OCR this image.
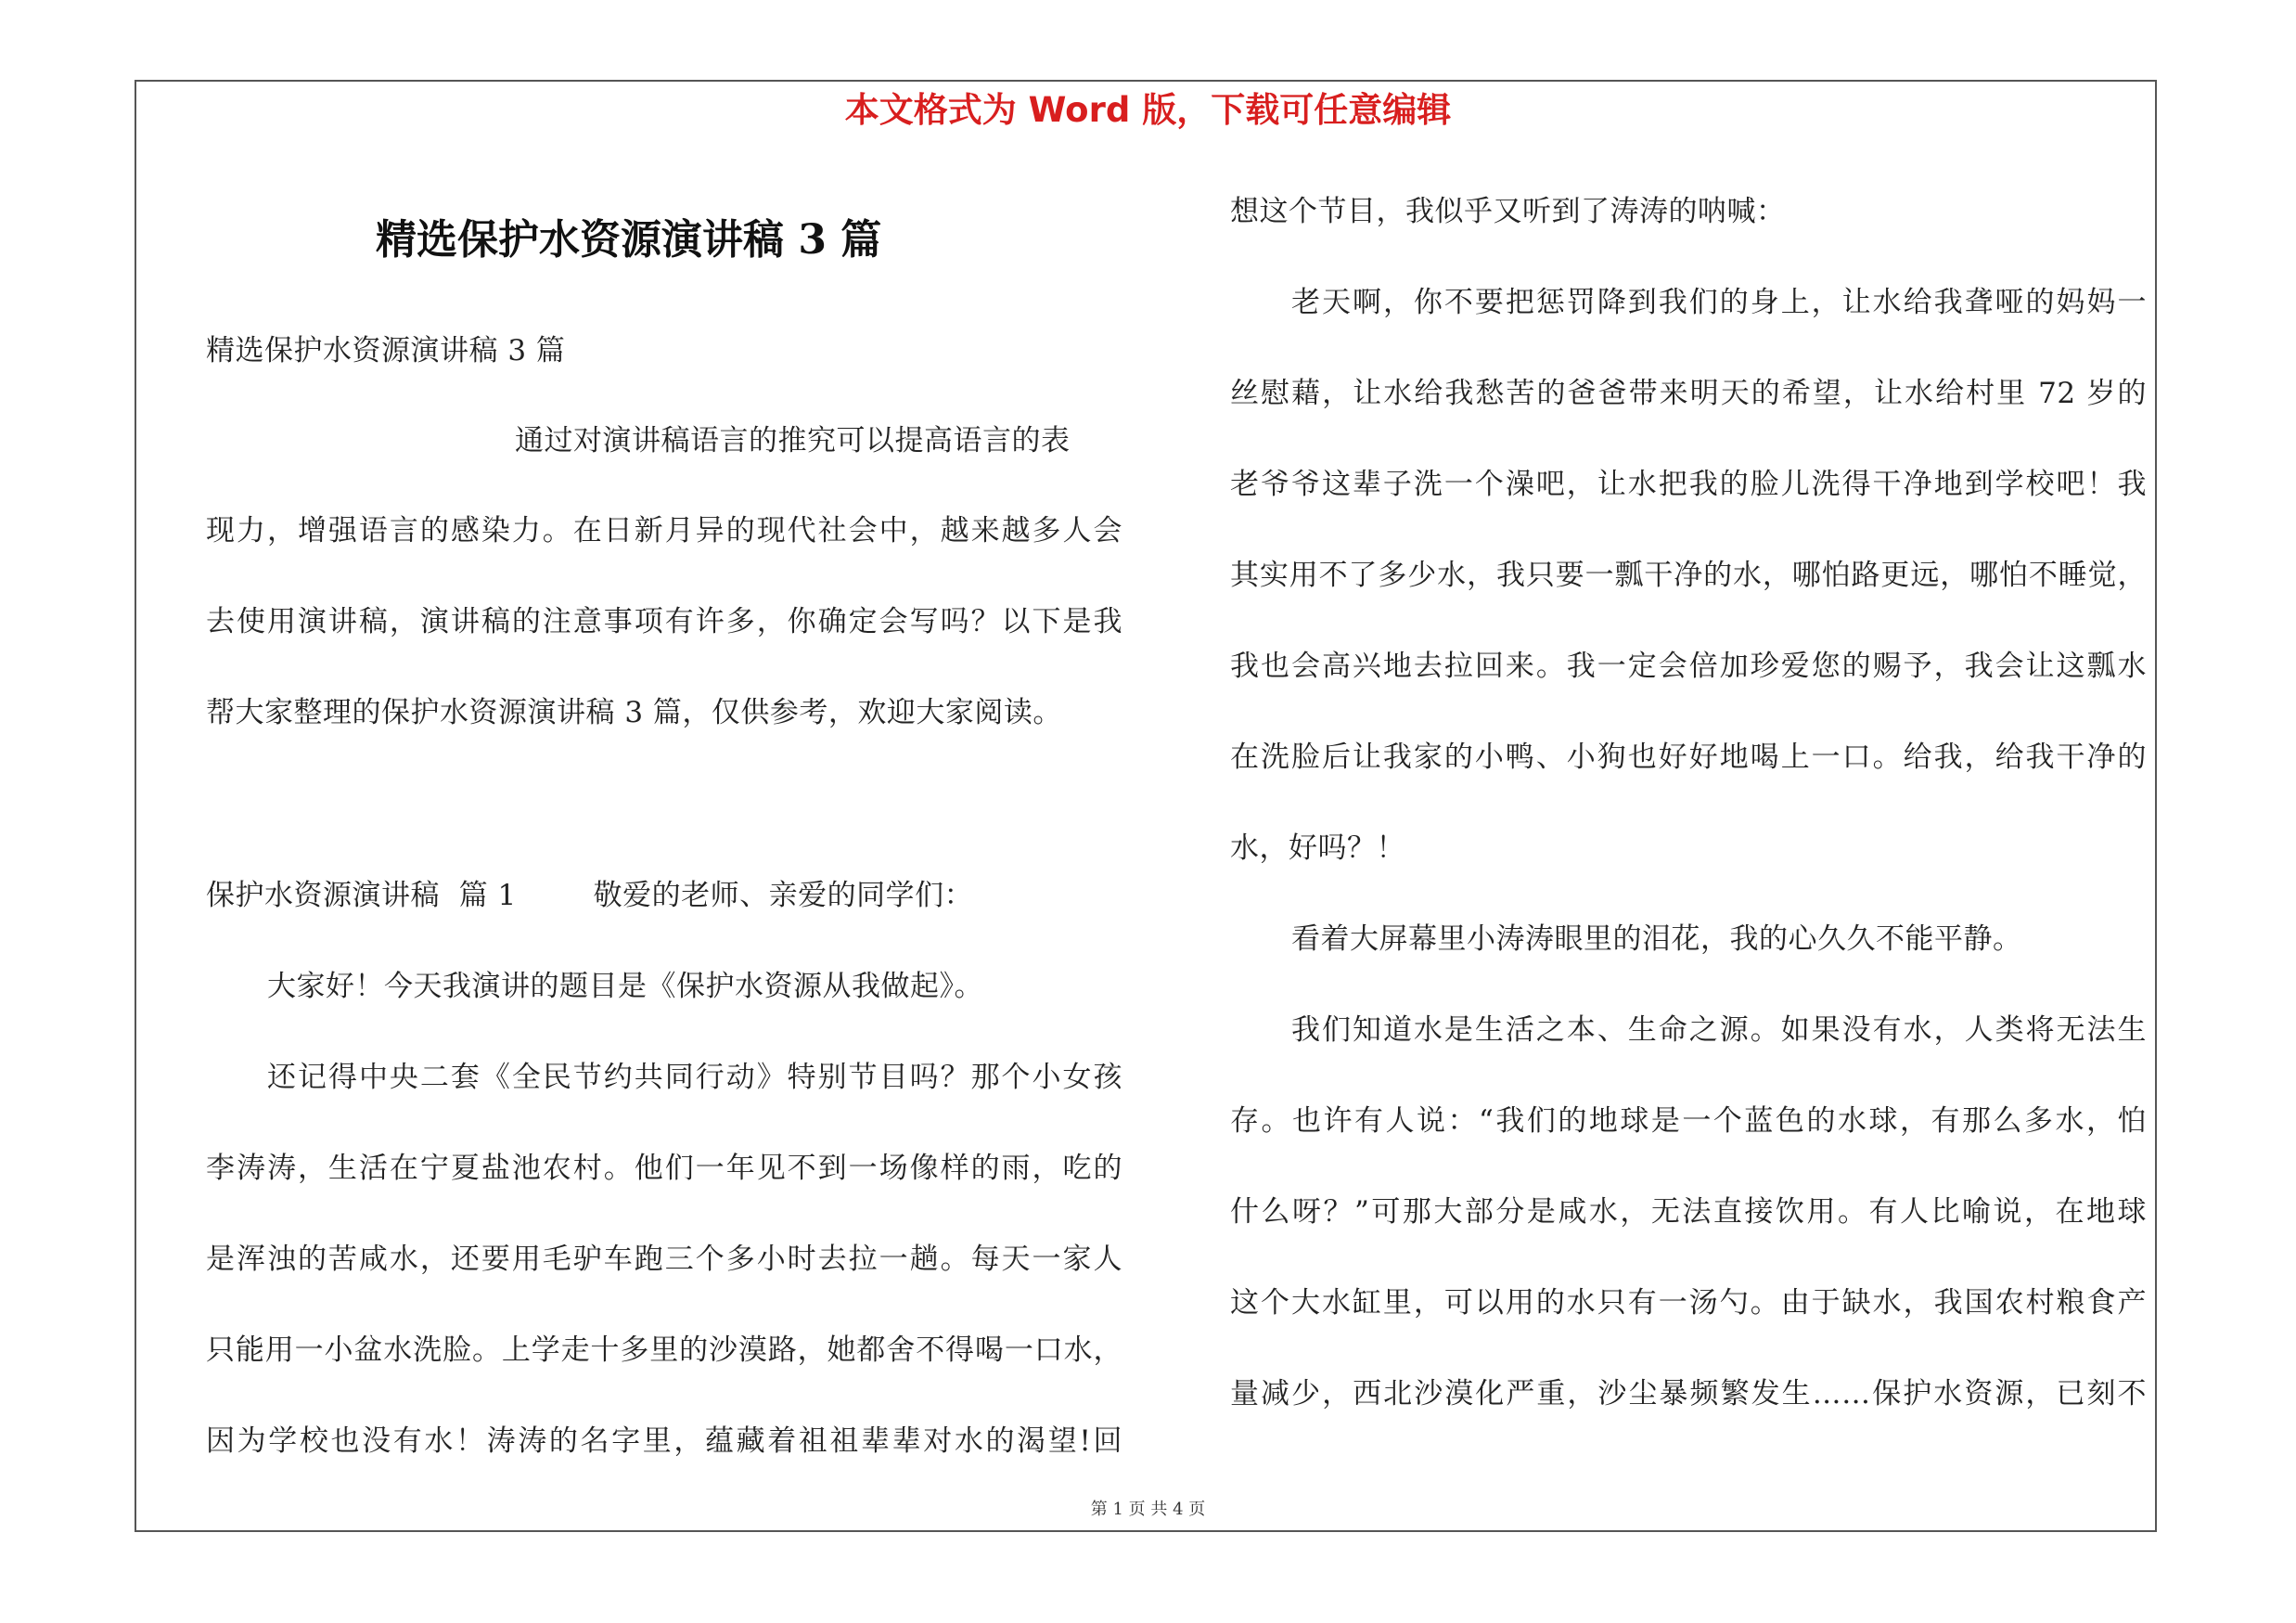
本文格式为 Word 版，下载可任意编辑
精选保护水资源演讲稿 3 篇
精选保护水资源演讲稿 3 篇
通过对演讲稿语言的推究可以提高语言的表
现力，增强语言的感染力。在日新月异的现代社会中，越来越多人会
去使用演讲稿，演讲稿的注意事项有许多，你确定会写吗？以下是我
帮大家整理的保护水资源演讲稿 3 篇，仅供参考，欢迎大家阅读。
保护水资源演讲稿  篇 1        敬爱的老师、亲爱的同学们：
大家好！今天我演讲的题目是《保护水资源从我做起》。
还记得中央二套《全民节约共同行动》特别节目吗？那个小女孩
李涛涛，生活在宁夏盐池农村。他们一年见不到一场像样的雨，吃的
是浑浊的苦咸水，还要用毛驴车跑三个多小时去拉一趟。每天一家人
只能用一小盆水洗脸。上学走十多里的沙漠路，她都舍不得喝一口水，
因为学校也没有水！涛涛的名字里，蕴藏着祖祖辈辈对水的渴望!回
想这个节目，我似乎又听到了涛涛的呐喊：
老天啊，你不要把惩罚降到我们的身上，让水给我聋哑的妈妈一
丝慰藉，让水给我愁苦的爸爸带来明天的希望，让水给村里 72 岁的
老爷爷这辈子洗一个澡吧，让水把我的脸儿洗得干净地到学校吧！我
其实用不了多少水，我只要一瓢干净的水，哪怕路更远，哪怕不睡觉，
我也会高兴地去拉回来。我一定会倍加珍爱您的赐予，我会让这瓢水
在洗脸后让我家的小鸭、小狗也好好地喝上一口。给我，给我干净的
水，好吗？！
看着大屏幕里小涛涛眼里的泪花，我的心久久不能平静。
我们知道水是生活之本、生命之源。如果没有水，人类将无法生
存。也许有人说：“我们的地球是一个蓝色的水球，有那么多水，怕
什么呀？”可那大部分是咸水，无法直接饮用。有人比喻说，在地球
这个大水缸里，可以用的水只有一汤勺。由于缺水，我国农村粮食产
量减少，西北沙漠化严重，沙尘暴频繁发生……保护水资源，已刻不
第 1 页 共 4 页
